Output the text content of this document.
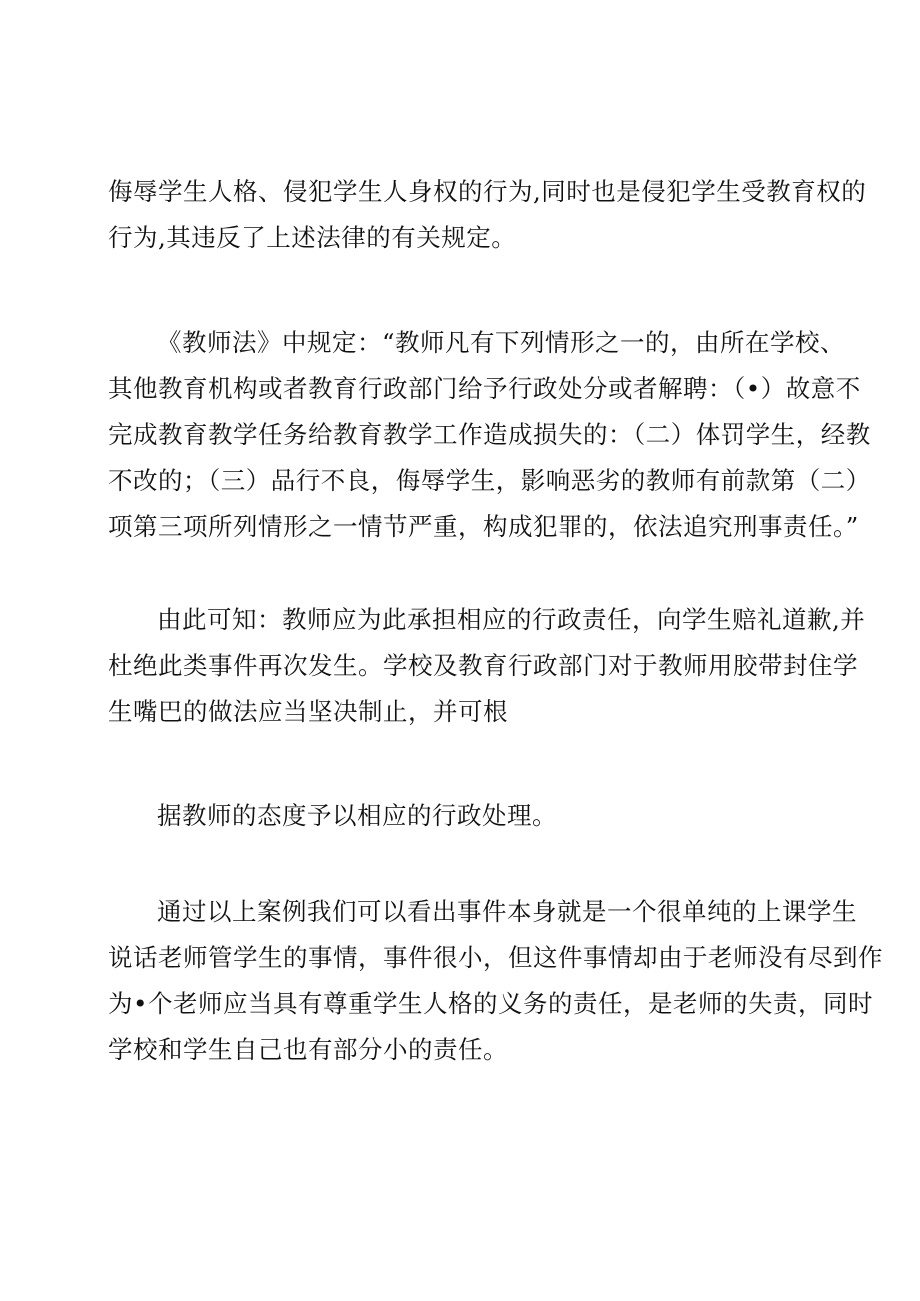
侮辱学生人格、侵犯学生人身权的行为,同时也是侵犯学生受教育权的
行为,其违反了上述法律的有关规定。

《教师法》中规定：“教师凡有下列情形之一的，由所在学校、
其他教育机构或者教育行政部门给予行政处分或者解聘：（•）故意不
完成教育教学任务给教育教学工作造成损失的：（二）体罚学生，经教
不改的；（三）品行不良，侮辱学生，影响恶劣的教师有前款第（二）
项第三项所列情形之一情节严重，构成犯罪的，依法追究刑事责任。”

由此可知：教师应为此承担相应的行政责任，向学生赔礼道歉,并
杜绝此类事件再次发生。学校及教育行政部门对于教师用胶带封住学
生嘴巴的做法应当坚决制止，并可根

据教师的态度予以相应的行政处理。

通过以上案例我们可以看出事件本身就是一个很单纯的上课学生
说话老师管学生的事情，事件很小，但这件事情却由于老师没有尽到作
为•个老师应当具有尊重学生人格的义务的责任，是老师的失责，同时
学校和学生自己也有部分小的责任。
